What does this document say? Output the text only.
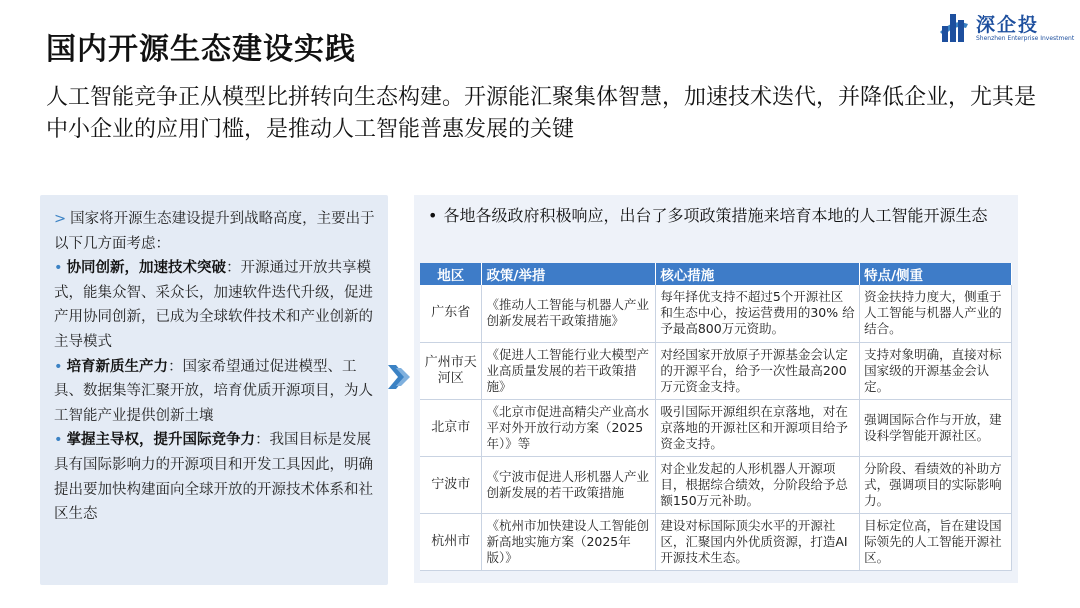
国内开源生态建设实践
深企投
Shenzhen Enterprise Investment
人工智能竞争正从模型比拼转向生态构建。开源能汇聚集体智慧，加速技术迭代，并降低企业，尤其是中小企业的应用门槛，是推动人工智能普惠发展的关键
> 国家将开源生态建设提升到战略高度，主要出于以下几方面考虑：
• 协同创新，加速技术突破：开源通过开放共享模式，能集众智、采众长，加速软件迭代升级，促进产用协同创新，已成为全球软件技术和产业创新的主导模式
• 培育新质生产力：国家希望通过促进模型、工具、数据集等汇聚开放，培育优质开源项目，为人工智能产业提供创新土壤
• 掌握主导权，提升国际竞争力：我国目标是发展具有国际影响力的开源项目和开发工具因此，明确提出要加快构建面向全球开放的开源技术体系和社区生态
• 各地各级政府积极响应，出台了多项政策措施来培育本地的人工智能开源生态
地区	政策/举措	核心措施	特点/侧重
广东省	《推动人工智能与机器人产业创新发展若干政策措施》	每年择优支持不超过5个开源社区和生态中心，按运营费用的30% 给予最高800万元资助。	资金扶持力度大，侧重于人工智能与机器人产业的结合。
广州市天河区	《促进人工智能行业大模型产业高质量发展的若干政策措施》	对经国家开放原子开源基金会认定的开源平台，给予一次性最高200万元资金支持。	支持对象明确，直接对标国家级的开源基金会认定。
北京市	《北京市促进高精尖产业高水平对外开放行动方案（2025年）》等	吸引国际开源组织在京落地，对在京落地的开源社区和开源项目给予资金支持。	强调国际合作与开放，建设科学智能开源社区。
宁波市	《宁波市促进人形机器人产业创新发展的若干政策措施	对企业发起的人形机器人开源项目，根据综合绩效，分阶段给予总额150万元补助。	分阶段、看绩效的补助方式，强调项目的实际影响力。
杭州市	《杭州市加快建设人工智能创新高地实施方案（2025年版）》	建设对标国际顶尖水平的开源社区，汇聚国内外优质资源，打造AI开源技术生态。	目标定位高，旨在建设国际领先的人工智能开源社区。
